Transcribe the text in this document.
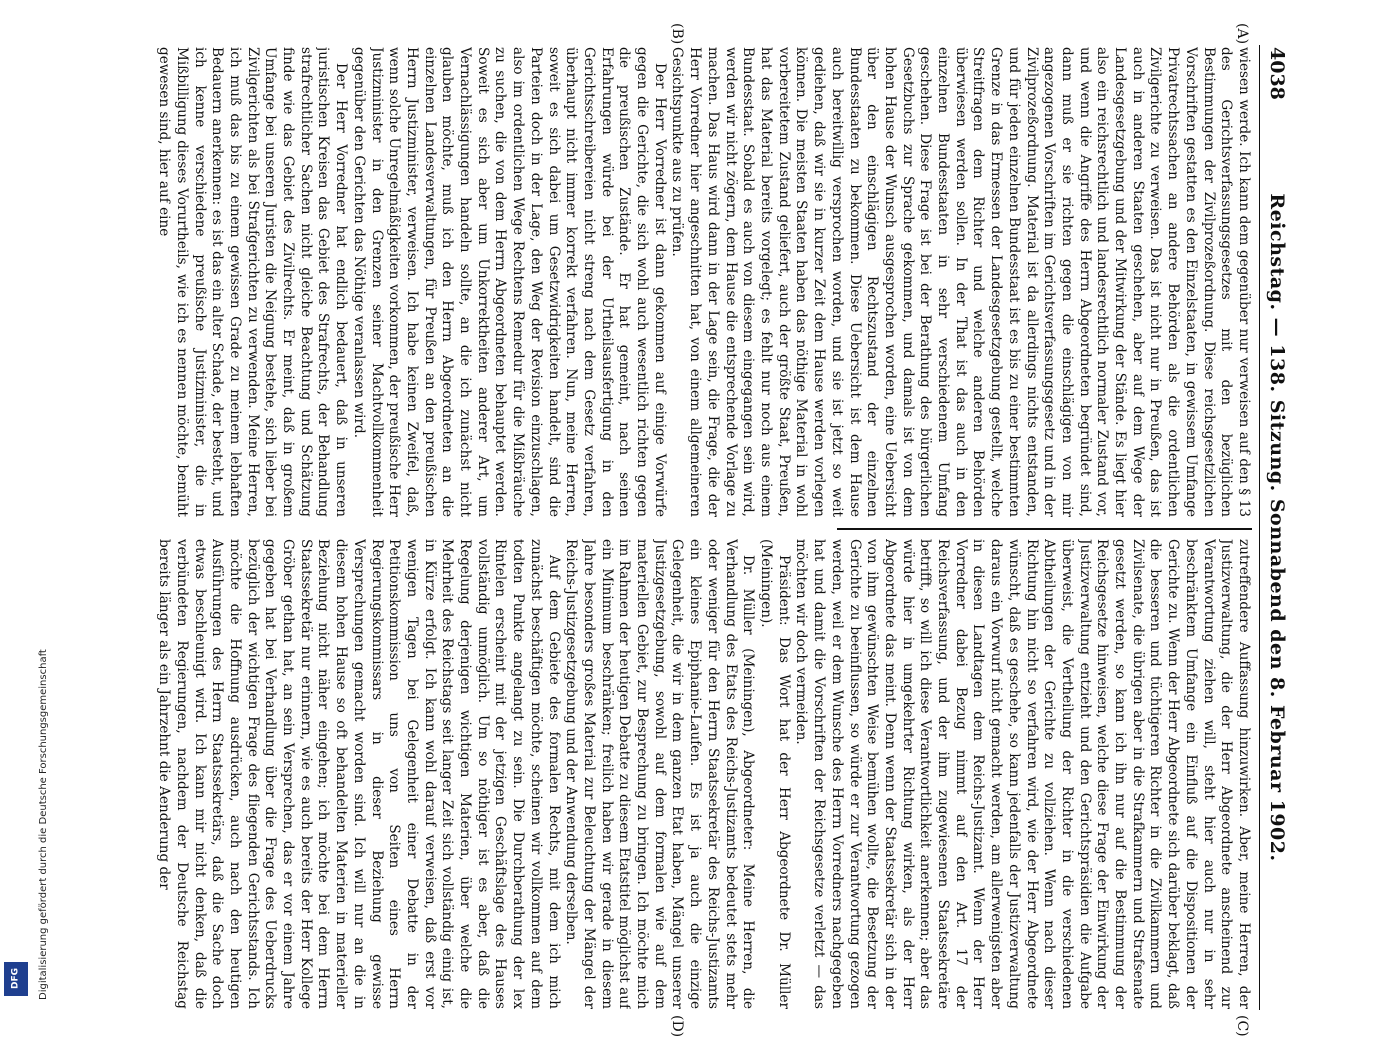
4038
Reichstag. — 138. Sitzung. Sonnabend den 8. Februar 1902.
(A)
(B)
(C)
(D)

wiesen werde. Ich kann dem gegenüber nur verweisen auf den § 13 des Gerichtsverfassungsgesetzes mit den bezüglichen Bestimmungen der Zivilprozeßordnung. Diese reichsgesetzlichen Vorschriften gestatten es den Einzelstaaten, in gewissem Umfange Privatrechtssachen an andere Behörden als die ordentlichen Zivilgerichte zu verweisen. Das ist nicht nur in Preußen, das ist auch in anderen Staaten geschehen, aber auf dem Wege der Landesgesetzgebung und der Mitwirkung der Stände. Es liegt hier also ein reichsrechtlich und landesrechtlich normaler Zustand vor, und wenn die Angriffe des Herrn Abgeordneten begründet sind, dann muß er sie richten gegen die einschlägigen von mir angezogenen Vorschriften im Gerichtsverfassungsgesetz und in der Zivilprozeßordnung. Material ist da allerdings nichts entstanden, und für jeden einzelnen Bundesstaat ist es bis zu einer bestimmten Grenze in das Ermessen der Landesgesetzgebung gestellt, welche Streitfragen dem Richter und welche anderen Behörden überwiesen werden sollen. In der That ist das auch in den einzelnen Bundesstaaten in sehr verschiedenem Umfang geschehen. Diese Frage ist bei der Berathung des bürgerlichen Gesetzbuchs zur Sprache gekommen, und damals ist von dem hohen Hause der Wunsch ausgesprochen worden, eine Uebersicht über den einschlägigen Rechtszustand der einzelnen Bundesstaaten zu bekommen. Diese Uebersicht ist dem Hause auch bereitwillig versprochen worden, und sie ist jetzt so weit gediehen, daß wir sie in kurzer Zeit dem Hause werden vorlegen können. Die meisten Staaten haben das nöthige Material in wohl vorbereitetem Zustand geliefert, auch der größte Staat, Preußen, hat das Material bereits vorgelegt; es fehlt nur noch aus einem Bundesstaat. Sobald es auch von diesem eingegangen sein wird, werden wir nicht zögern, dem Hause die entsprechende Vorlage zu machen. Das Haus wird dann in der Lage sein, die Frage, die der Herr Vorredner hier angeschnitten hat, von einem allgemeineren Gesichtspunkte aus zu prüfen.

Der Herr Vorredner ist dann gekommen auf einige Vorwürfe gegen die Gerichte, die sich wohl auch wesentlich richten gegen die preußischen Zustände. Er hat gemeint, nach seinen Erfahrungen würde bei der Urtheilsausfertigung in den Gerichtsschreibereien nicht streng nach dem Gesetz verfahren, überhaupt nicht immer korrekt verfahren. Nun, meine Herren, soweit es sich dabei um Gesetzwidrigkeiten handelt, sind die Parteien doch in der Lage, den Weg der Revision einzuschlagen, also im ordentlichen Wege Rechtens Remedur für die Mißbräuche zu suchen, die von dem Herrn Abgeordneten behauptet werden. Soweit es sich aber um Unkorrektheiten anderer Art, um Vernachlässigungen handeln sollte, an die ich zunächst nicht glauben möchte, muß ich den Herrn Abgeordneten an die einzelnen Landesverwaltungen, für Preußen an den preußischen Herrn Justizminister, verweisen. Ich habe keinen Zweifel, daß, wenn solche Unregelmäßigkeiten vorkommen, der preußische Herr Justizminister in den Grenzen seiner Machtvollkommenheit gegenüber den Gerichten das Nöthige veranlassen wird.

Der Herr Vorredner hat endlich bedauert, daß in unseren juristischen Kreisen das Gebiet des Strafrechts, der Behandlung strafrechtlicher Sachen nicht gleiche Beachtung und Schätzung finde wie das Gebiet des Zivilrechts. Er meint, daß in großem Umfange bei unseren Juristen die Neigung bestehe, sich lieber bei Zivilgerichten als bei Strafgerichten zu verwenden. Meine Herren, ich muß das bis zu einem gewissen Grade zu meinem lebhaften Bedauern anerkennen: es ist das ein alter Schade, der besteht, und ich kenne verschiedene preußische Justizminister, die in Mißbilligung dieses Vorurtheils, wie ich es nennen möchte, bemüht gewesen sind, hier auf eine

zutreffendere Auffassung hinzuwirken. Aber, meine Herren, der Justizverwaltung, die der Herr Abgeordnete anscheinend zur Verantwortung ziehen will, steht hier auch nur in sehr beschränktem Umfange ein Einfluß auf die Dispositionen der Gerichte zu. Wenn der Herr Abgeordnete sich darüber beklagt, daß die besseren und tüchtigeren Richter in die Zivilkammern und Zivilsenate, die übrigen aber in die Strafkammern und Strafsenate gesetzt werden, so kann ich ihn nur auf die Bestimmung der Reichsgesetze hinweisen, welche diese Frage der Einwirkung der Justizverwaltung entzieht und den Gerichtspräsidien die Aufgabe überweist, die Vertheilung der Richter in die verschiedenen Abtheilungen der Gerichte zu vollziehen. Wenn nach dieser Richtung hin nicht so verfahren wird, wie der Herr Abgeordnete wünscht, daß es geschehe, so kann jedenfalls der Justizverwaltung daraus ein Vorwurf nicht gemacht werden, am allerwenigsten aber in diesen Landtagen dem Reichs-Justizamt. Wenn der Herr Vorredner dabei Bezug nimmt auf den Art. 17 der Reichsverfassung, und der ihm zugewiesenen Staatssekretäre betrifft, so will ich diese Verantwortlichkeit anerkennen; aber das würde hier in umgekehrter Richtung wirken, als der Herr Abgeordnete das meint. Denn wenn der Staatssekretär sich in der von ihm gewünschten Weise bemühen wollte, die Besetzung der Gerichte zu beeinflussen, so würde er zur Verantwortung gezogen werden, weil er dem Wunsche des Herrn Vorredners nachgegeben hat und damit die Vorschriften der Reichsgesetze verletzt — das möchten wir doch vermeiden.

Präsident: Das Wort hat der Herr Abgeordnete Dr. Müller (Meiningen).

Dr. Müller (Meiningen), Abgeordneter: Meine Herren, die Verhandlung des Etats des Reichs-Justizamts bedeutet stets mehr oder weniger für den Herrn Staatssekretär des Reichs-Justizamts ein kleines Epiphanie-Laufen. Es ist ja auch die einzige Gelegenheit, die wir in dem ganzen Etat haben, Mängel unserer Justizgesetzgebung, sowohl auf dem formalen wie auf dem materiellen Gebiet, zur Besprechung zu bringen. Ich möchte mich im Rahmen der heutigen Debatte zu diesem Etatstitel möglichst auf ein Minimum beschränken; freilich haben wir gerade in diesem Jahre besonders großes Material zur Beleuchtung der Mängel der Reichs-Justizgesetzgebung und der Anwendung derselben.

Auf dem Gebiete des formalen Rechts, mit dem ich mich zunächst beschäftigen möchte, scheinen wir vollkommen auf dem todten Punkte angelangt zu sein. Die Durchberathung der lex Rintelen erscheint mit der jetzigen Geschäftslage des Hauses vollständig unmöglich. Um so nöthiger ist es aber, daß die Regelung derjenigen wichtigen Materien, über welche die Mehrheit des Reichstags seit langer Zeit sich vollständig einig ist, in Kürze erfolgt. Ich kann wohl darauf verweisen, daß erst vor wenigen Tagen bei Gelegenheit einer Debatte in der Petitionskommission uns von Seiten eines Herrn Regierungskommissars in dieser Beziehung gewisse Versprechungen gemacht worden sind. Ich will nur an die in diesem hohen Hause so oft behandelten Materien in materieller Beziehung nicht näher eingehen; ich möchte bei dem Herrn Staatssekretär nur erinnern, wie es auch bereits der Herr Kollege Gröber gethan hat, an sein Versprechen, das er vor einem Jahre gegeben hat bei Verhandlung über die Frage des Ueberdrucks bezüglich der wichtigen Frage des fliegenden Gerichtsstands. Ich möchte die Hoffnung ausdrücken, auch nach den heutigen Ausführungen des Herrn Staatssekretärs, daß die Sache doch etwas beschleunigt wird. Ich kann mir nicht denken, daß die verbündeten Regierungen, nachdem der Deutsche Reichstag bereits länger als ein Jahrzehnt die Aenderung der

Digitalisierung gefördert durch die Deutsche Forschungsgemeinschaft
DFG
